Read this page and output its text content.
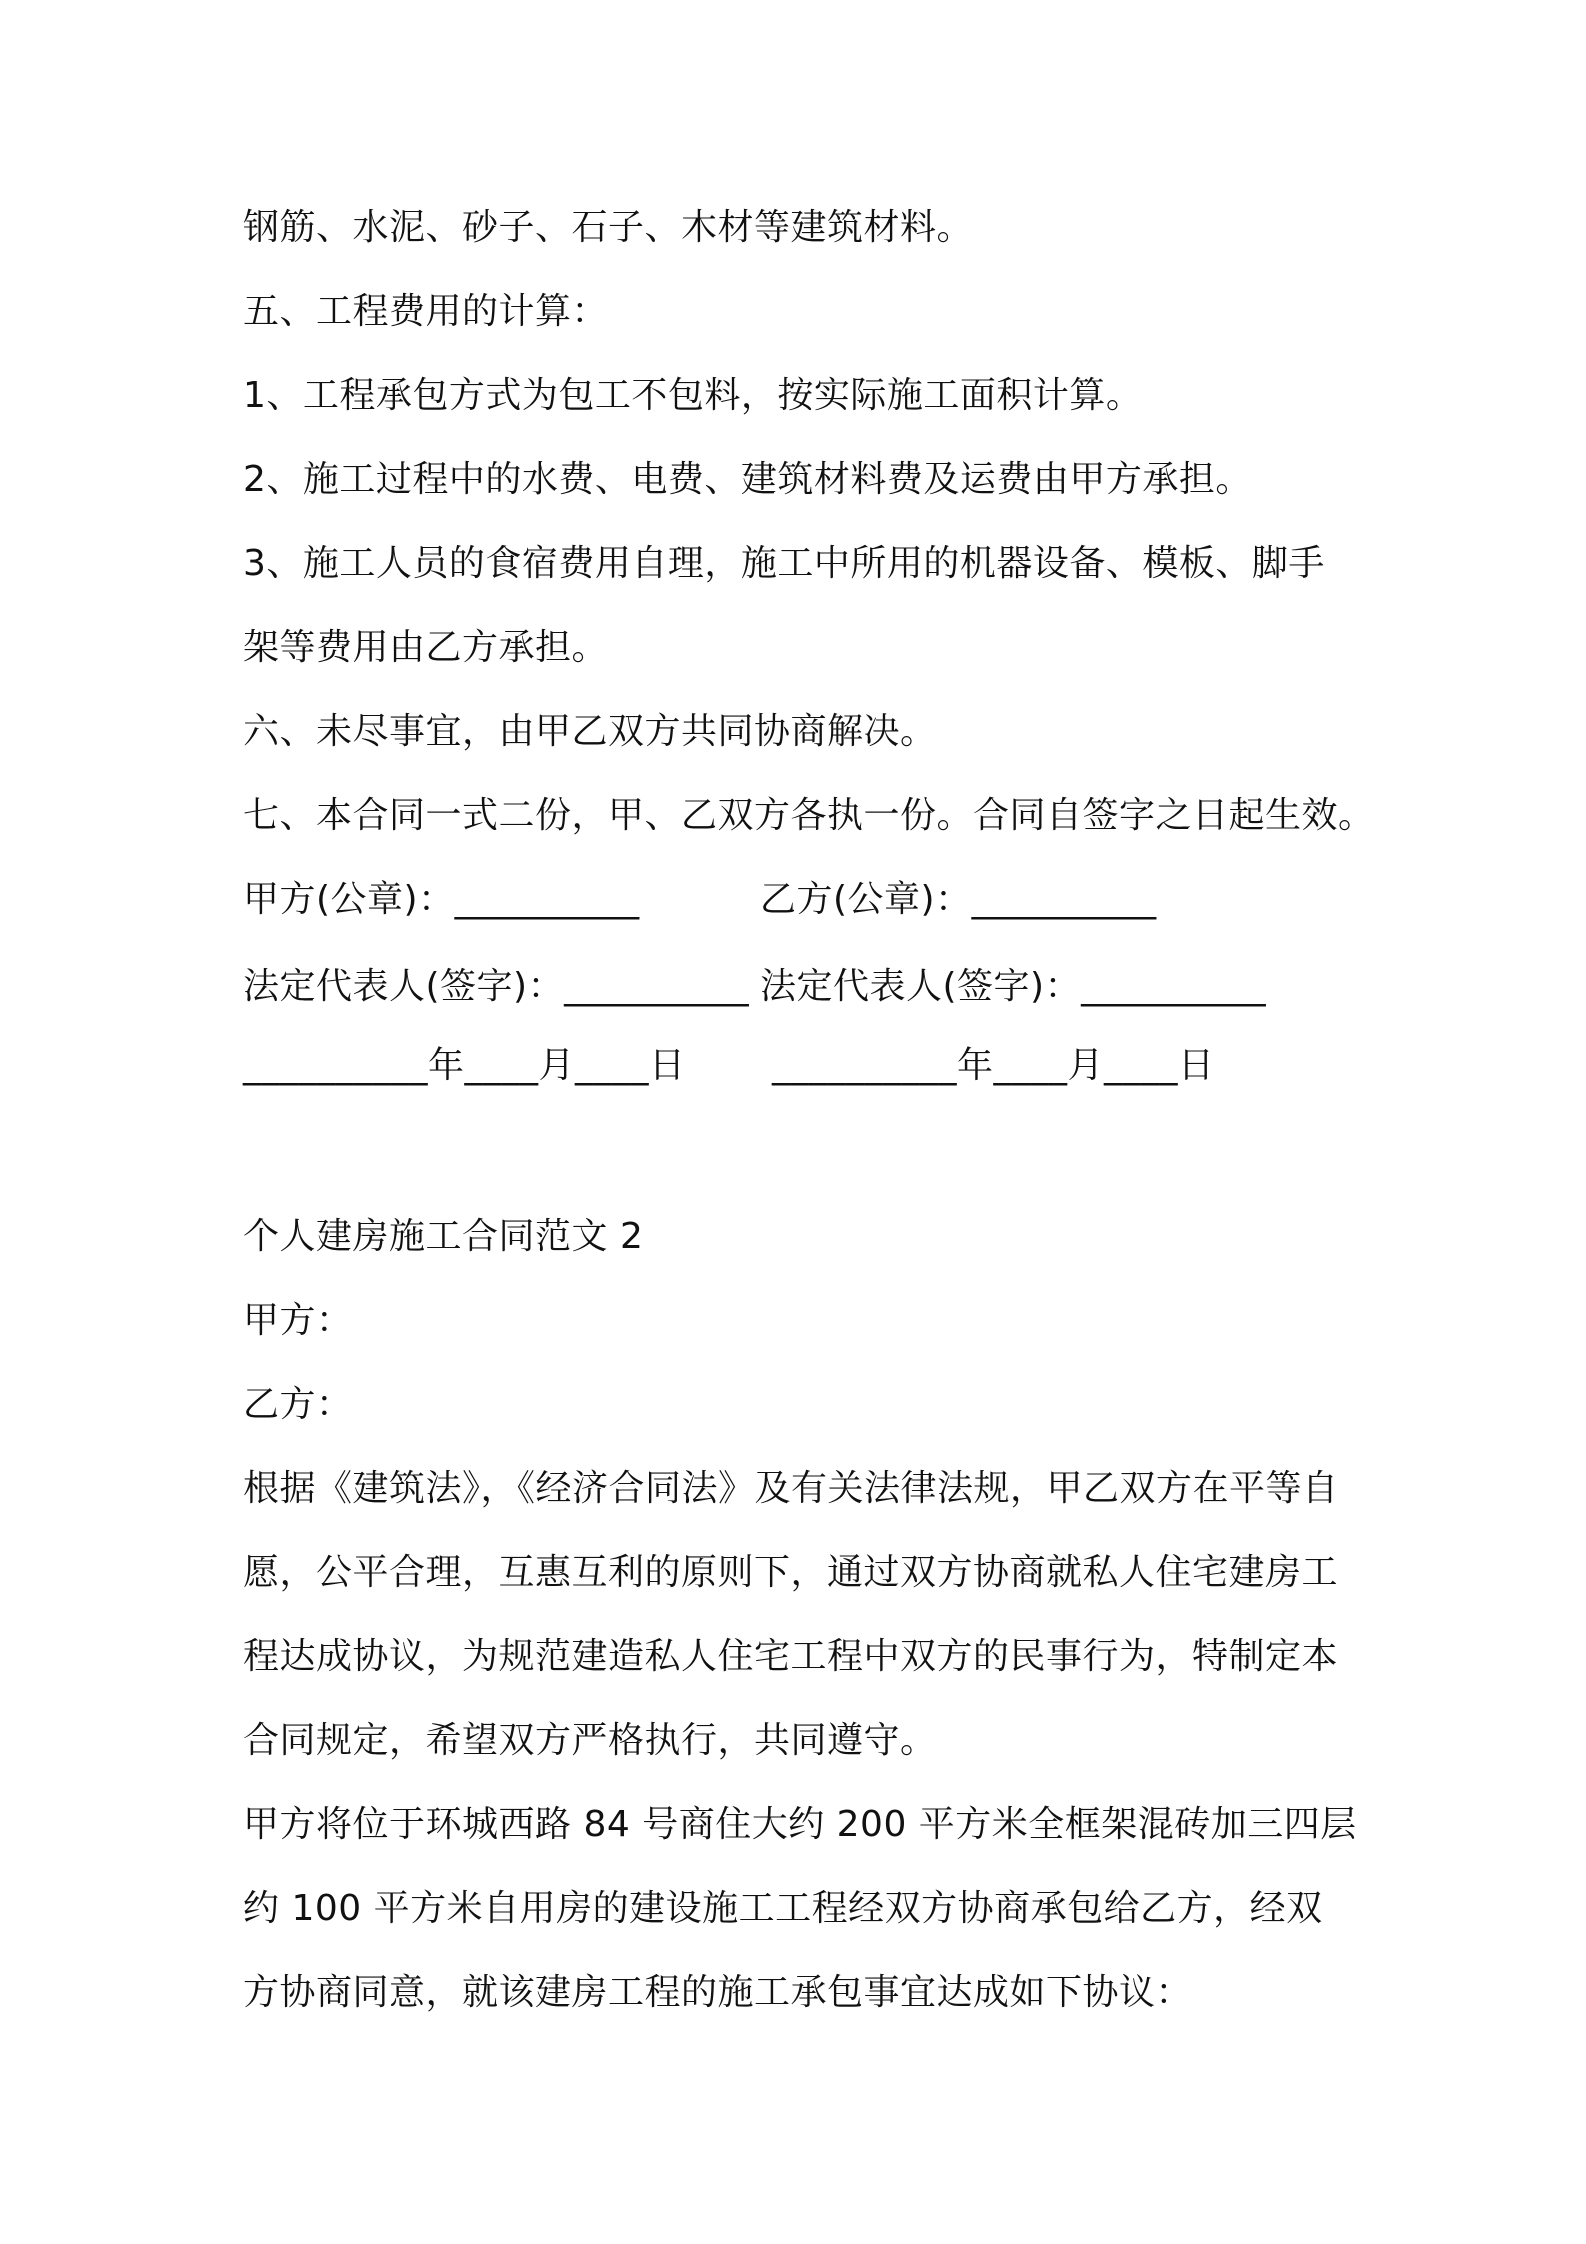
钢筋、水泥、砂子、石子、木材等建筑材料。
五、工程费用的计算：
1、工程承包方式为包工不包料，按实际施工面积计算。
2、施工过程中的水费、电费、建筑材料费及运费由甲方承担。
3、施工人员的食宿费用自理，施工中所用的机器设备、模板、脚手
架等费用由乙方承担。
六、未尽事宜，由甲乙双方共同协商解决。
七、本合同一式二份，甲、乙双方各执一份。合同自签字之日起生效。
甲方(公章)：__________	乙方(公章)：__________
法定代表人(签字)：__________ 法定代表人(签字)：__________
__________年____月____日 __________年____月____日
个人建房施工合同范文 2
甲方：
乙方：
根据《建筑法》，《经济合同法》及有关法律法规，甲乙双方在平等自
愿，公平合理，互惠互利的原则下，通过双方协商就私人住宅建房工
程达成协议，为规范建造私人住宅工程中双方的民事行为，特制定本
合同规定，希望双方严格执行，共同遵守。
甲方将位于环城西路 84 号商住大约 200 平方米全框架混砖加三四层
约 100 平方米自用房的建设施工工程经双方协商承包给乙方，经双
方协商同意，就该建房工程的施工承包事宜达成如下协议：
